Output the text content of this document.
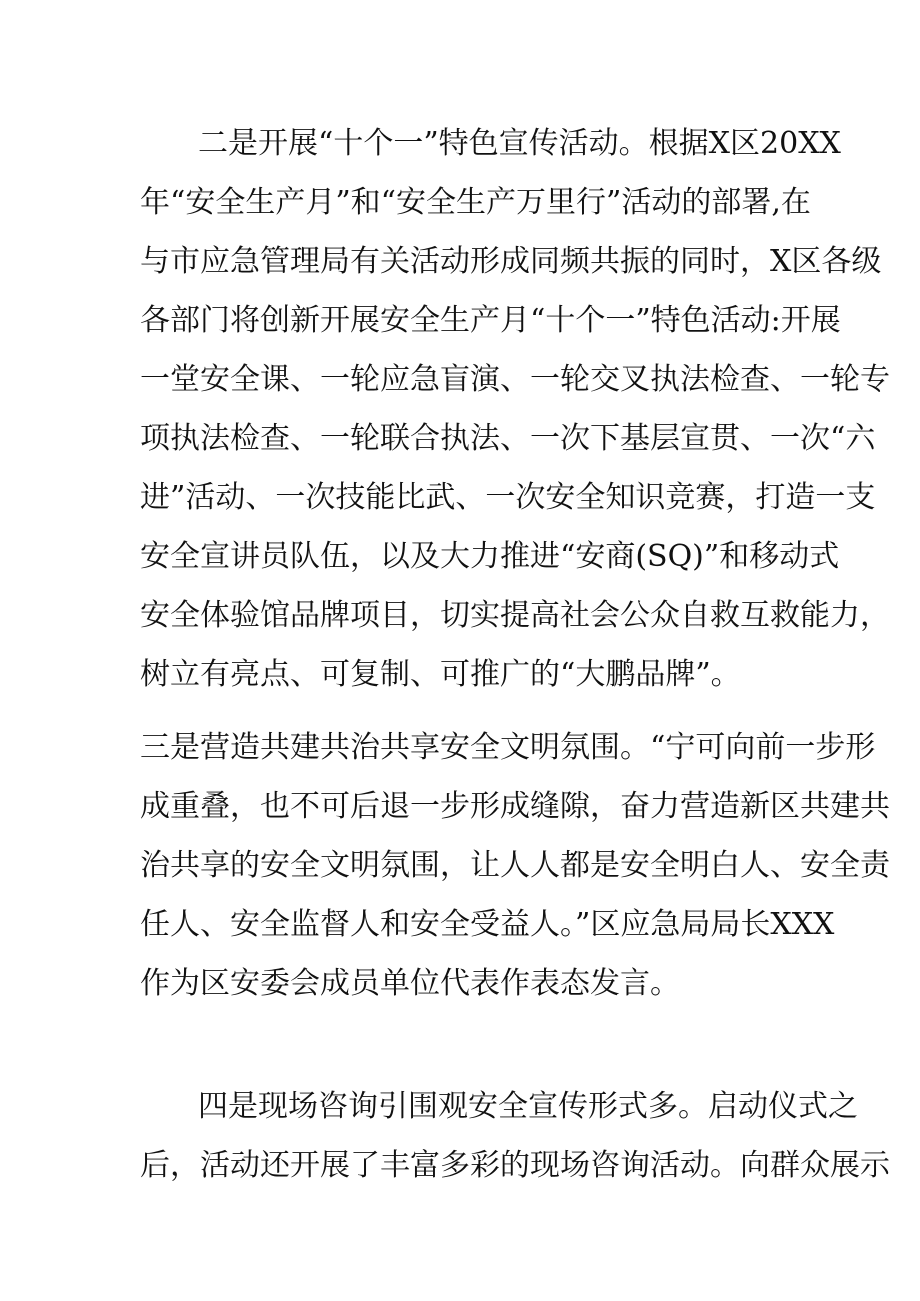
二是开展“十个一”特色宣传活动。根据X区20XX
年“安全生产月”和“安全生产万里行”活动的部署,在
与市应急管理局有关活动形成同频共振的同时，X区各级
各部门将创新开展安全生产月“十个一”特色活动:开展
一堂安全课、一轮应急盲演、一轮交叉执法检查、一轮专
项执法检查、一轮联合执法、一次下基层宣贯、一次“六
进”活动、一次技能比武、一次安全知识竞赛，打造一支
安全宣讲员队伍，以及大力推进“安商(SQ)”和移动式
安全体验馆品牌项目，切实提高社会公众自救互救能力，
树立有亮点、可复制、可推广的“大鹏品牌”。
三是营造共建共治共享安全文明氛围。“宁可向前一步形
成重叠，也不可后退一步形成缝隙，奋力营造新区共建共
治共享的安全文明氛围，让人人都是安全明白人、安全责
任人、安全监督人和安全受益人。”区应急局局长XXX
作为区安委会成员单位代表作表态发言。
四是现场咨询引围观安全宣传形式多。启动仪式之
后，活动还开展了丰富多彩的现场咨询活动。向群众展示
